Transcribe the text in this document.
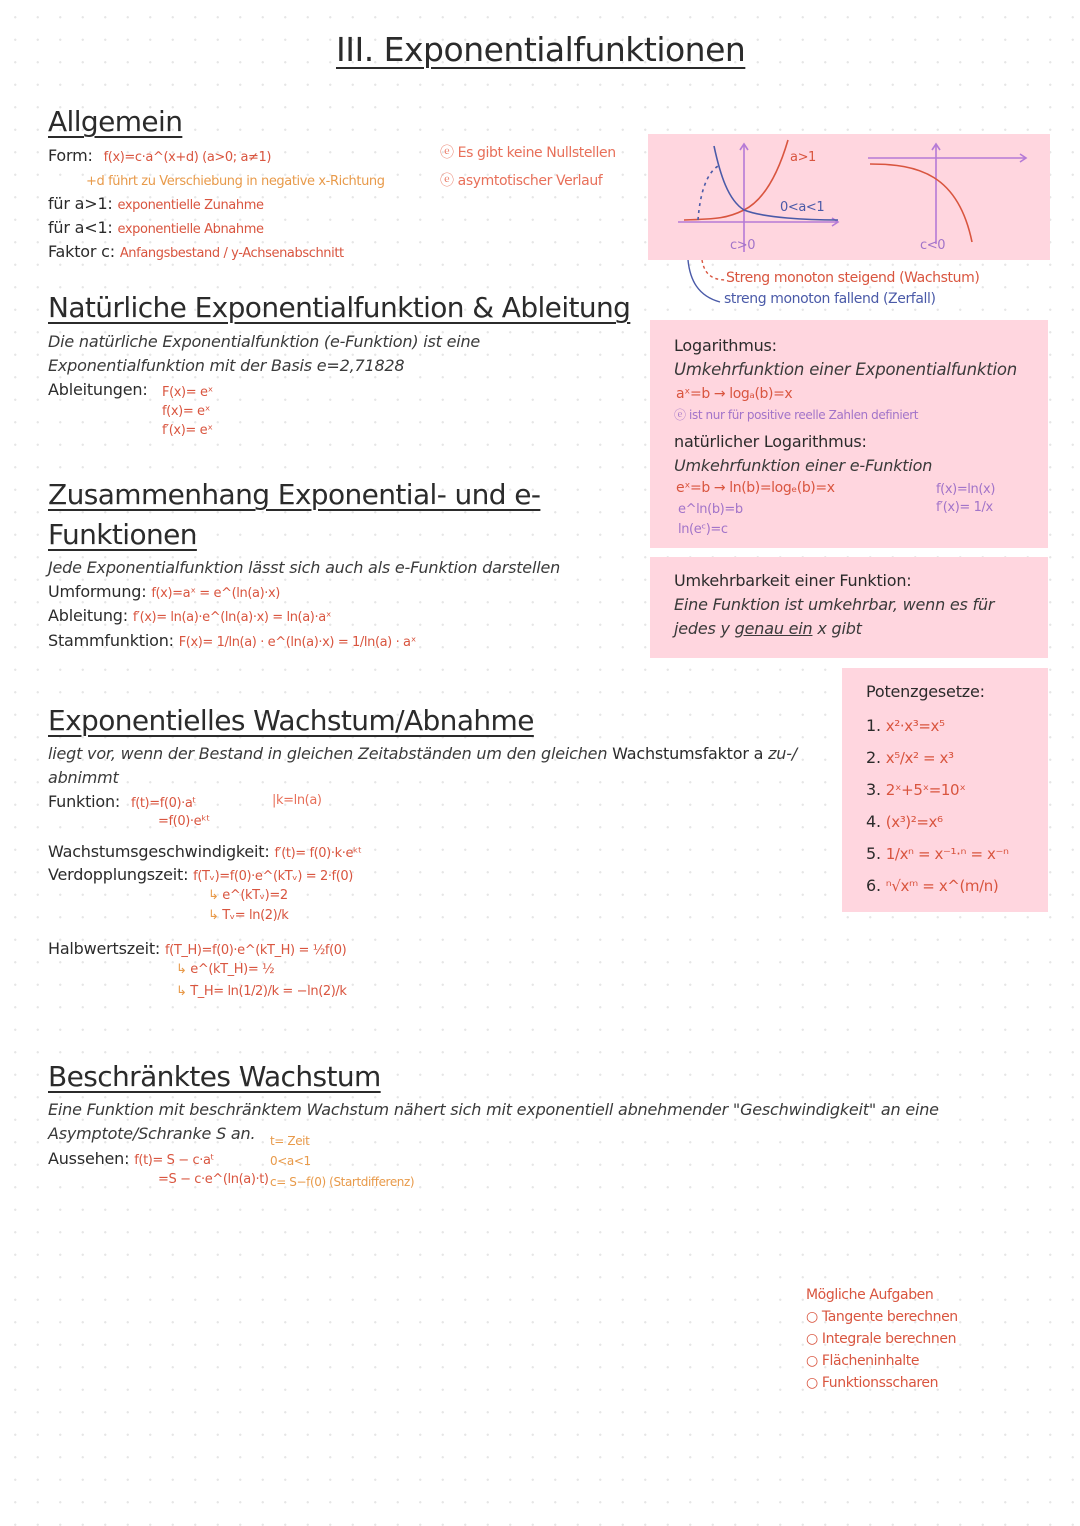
III. Exponentialfunktionen
Allgemein
Form: f(x)=c·a^(x+d) (a>0; a≠1)
+d führt zu Verschiebung in negative x-Richtung
für a>1: exponentielle Zunahme
für a<1: exponentielle Abnahme
Faktor c: Anfangsbestand / y-Achsenabschnitt
ⓔ Es gibt keine Nullstellen
ⓔ asymtotischer Verlauf
a>1
0<a<1
c>0	c<0
Streng monoton steigend (Wachstum)
streng monoton fallend (Zerfall)
Natürliche Exponentialfunktion & Ableitung
Die natürliche Exponentialfunktion (e-Funktion) ist eine
Exponentialfunktion mit der Basis e=2,71828
Ableitungen: F(x)= eˣ
f(x)= eˣ
f′(x)= eˣ
Logarithmus:
Umkehrfunktion einer Exponentialfunktion
aˣ=b → logₐ(b)=x
ⓔ ist nur für positive reelle Zahlen definiert
natürlicher Logarithmus:
Umkehrfunktion einer e-Funktion
eˣ=b → ln(b)=logₑ(b)=x
e^ln(b)=b
ln(eᶜ)=c
f(x)=ln(x)
f′(x)= 1/x
Zusammenhang Exponential- und e-
Funktionen
Jede Exponentialfunktion lässt sich auch als e-Funktion darstellen
Umformung: f(x)=aˣ = e^(ln(a)·x)
Ableitung: f′(x)= ln(a)·e^(ln(a)·x) = ln(a)·aˣ
Stammfunktion: F(x)= 1/ln(a) · e^(ln(a)·x) = 1/ln(a) · aˣ
Umkehrbarkeit einer Funktion:
Eine Funktion ist umkehrbar, wenn es für
jedes y genau ein x gibt
Potenzgesetze:
1. x²·x³=x⁵
2. x⁵/x² = x³
3. 2ˣ+5ˣ=10ˣ
4. (x³)²=x⁶
5. 1/xⁿ = x⁻¹·ⁿ = x⁻ⁿ
6. ⁿ√xᵐ = x^(m/n)
Exponentielles Wachstum/Abnahme
liegt vor, wenn der Bestand in gleichen Zeitabständen um den gleichen Wachstumsfaktor a zu-/
abnimmt
Funktion: f(t)=f(0)·aᵗ	|k=ln(a)
=f(0)·eᵏᵗ
Wachstumsgeschwindigkeit: f′(t)= f(0)·k·eᵏᵗ
Verdopplungszeit: f(Tᵥ)=f(0)·e^(kTᵥ) = 2·f(0)
↳ e^(kTᵥ)=2
↳ Tᵥ= ln(2)/k
Halbwertszeit: f(T_H)=f(0)·e^(kT_H) = ½f(0)
↳ e^(kT_H)= ½
↳ T_H= ln(1/2)/k = −ln(2)/k
Beschränktes Wachstum
Eine Funktion mit beschränktem Wachstum nähert sich mit exponentiell abnehmender "Geschwindigkeit" an eine
Asymptote/Schranke S an.
Aussehen: f(t)= S − c·aᵗ
=S − c·e^(ln(a)·t)
t= Zeit
0<a<1
c= S−f(0) (Startdifferenz)
Mögliche Aufgaben
○ Tangente berechnen
○ Integrale berechnen
○ Flächeninhalte
○ Funktionsscharen
